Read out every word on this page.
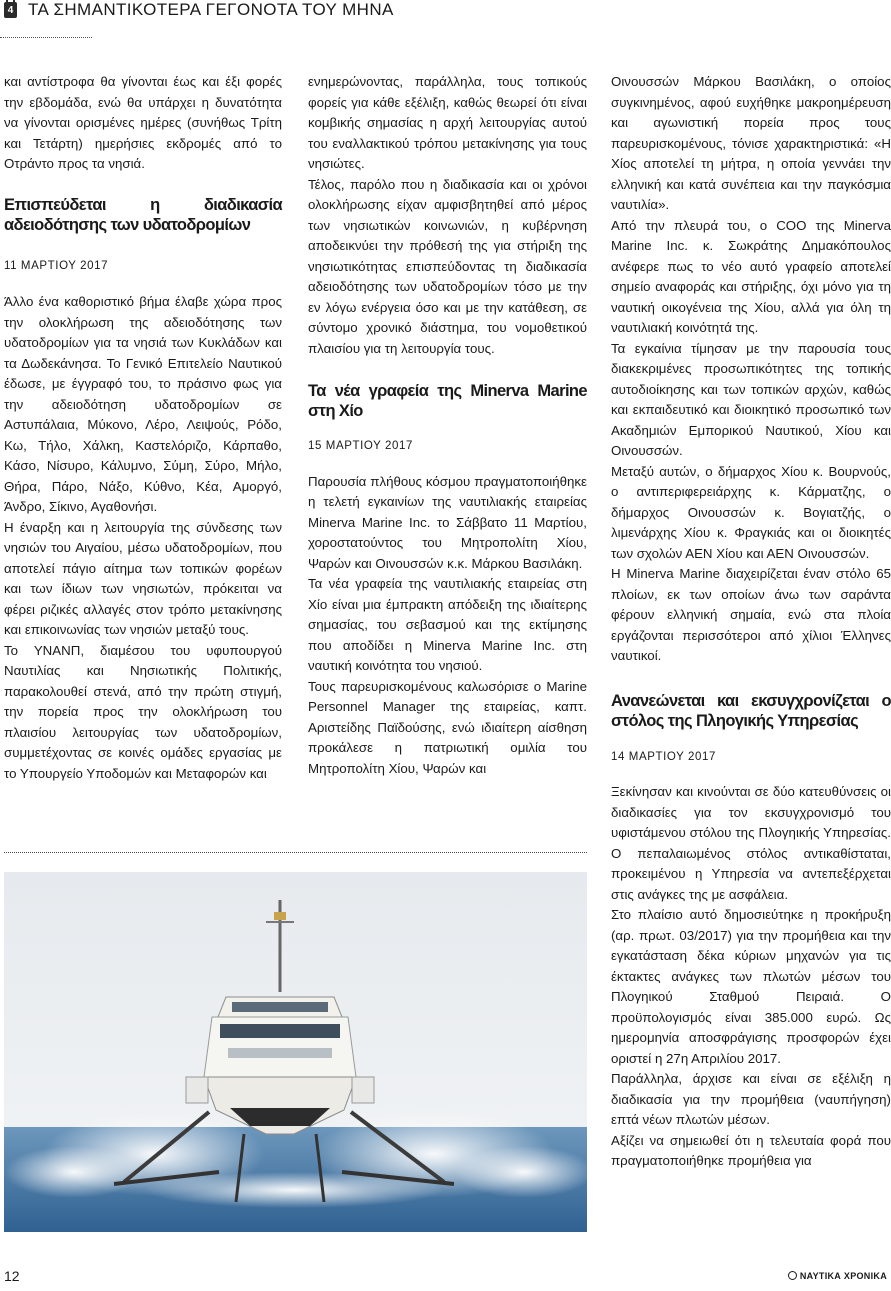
4 ΤΑ ΣΗΜΑΝΤΙΚΟΤΕΡΑ ΓΕΓΟΝΟΤΑ ΤΟΥ ΜΗΝΑ

και αντίστροφα θα γίνονται έως και έξι φορές την εβδομάδα, ενώ θα υπάρχει η δυνατότητα να γίνονται ορισμένες ημέρες (συνήθως Τρίτη και Τετάρτη) ημερήσιες εκδρομές από το Οτράντο προς τα νησιά.

Επισπεύδεται η διαδικασία αδειοδότησης των υδατοδρομίων

11 ΜΑΡΤΙΟΥ 2017

Άλλο ένα καθοριστικό βήμα έλαβε χώρα προς την ολοκλήρωση της αδειοδότησης των υδατοδρομίων για τα νησιά των Κυκλάδων και τα Δωδεκάνησα. Το Γενικό Επιτελείο Ναυτικού έδωσε, με έγγραφό του, το πράσινο φως για την αδειοδότηση υδατοδρομίων σε Αστυπάλαια, Μύκονο, Λέρο, Λειψούς, Ρόδο, Κω, Τήλο, Χάλκη, Καστελόριζο, Κάρπαθο, Κάσο, Νίσυρο, Κάλυμνο, Σύμη, Σύρο, Μήλο, Θήρα, Πάρο, Νάξο, Κύθνο, Κέα, Αμοργό, Άνδρο, Σίκινο, Αγαθονήσι.

Η έναρξη και η λειτουργία της σύνδεσης των νησιών του Αιγαίου, μέσω υδατοδρομίων, που αποτελεί πάγιο αίτημα των τοπικών φορέων και των ίδιων των νησιωτών, πρόκειται να φέρει ριζικές αλλαγές στον τρόπο μετακίνησης και επικοινωνίας των νησιών μεταξύ τους.

Το ΥΝΑΝΠ, διαμέσου του υφυπουργού Ναυτιλίας και Νησιωτικής Πολιτικής, παρακολουθεί στενά, από την πρώτη στιγμή, την πορεία προς την ολοκλήρωση του πλαισίου λειτουργίας των υδατοδρομίων, συμμετέχοντας σε κοινές ομάδες εργασίας με το Υπουργείο Υποδομών και Μεταφορών και

ενημερώνοντας, παράλληλα, τους τοπικούς φορείς για κάθε εξέλιξη, καθώς θεωρεί ότι είναι κομβικής σημασίας η αρχή λειτουργίας αυτού του εναλλακτικού τρόπου μετακίνησης για τους νησιώτες.

Τέλος, παρόλο που η διαδικασία και οι χρόνοι ολοκλήρωσης είχαν αμφισβητηθεί από μέρος των νησιωτικών κοινωνιών, η κυβέρνηση αποδεικνύει την πρόθεσή της για στήριξη της νησιωτικότητας επισπεύδοντας τη διαδικασία αδειοδότησης των υδατοδρομίων τόσο με την εν λόγω ενέργεια όσο και με την κατάθεση, σε σύντομο χρονικό διάστημα, του νομοθετικού πλαισίου για τη λειτουργία τους.

Τα νέα γραφεία της Minerva Marine στη Χίο

15 ΜΑΡΤΙΟΥ 2017

Παρουσία πλήθους κόσμου πραγματοποιήθηκε η τελετή εγκαινίων της ναυτιλιακής εταιρείας Minerva Marine Inc. το Σάββατο 11 Μαρτίου, χοροστατούντος του Μητροπολίτη Χίου, Ψαρών και Οινουσσών κ.κ. Μάρκου Βασιλάκη.

Τα νέα γραφεία της ναυτιλιακής εταιρείας στη Χίο είναι μια έμπρακτη απόδειξη της ιδιαίτερης σημασίας, του σεβασμού και της εκτίμησης που αποδίδει η Minerva Marine Inc. στη ναυτική κοινότητα του νησιού.

Τους παρευρισκομένους καλωσόρισε ο Marine Personnel Manager της εταιρείας, καπτ. Αριστείδης Παϊδούσης, ενώ ιδιαίτερη αίσθηση προκάλεσε η πατριωτική ομιλία του Μητροπολίτη Χίου, Ψαρών και

Οινουσσών Μάρκου Βασιλάκη, ο οποίος συγκινημένος, αφού ευχήθηκε μακροημέρευση και αγωνιστική πορεία προς τους παρευρισκομένους, τόνισε χαρακτηριστικά: «Η Χίος αποτελεί τη μήτρα, η οποία γεννάει την ελληνική και κατά συνέπεια και την παγκόσμια ναυτιλία».

Από την πλευρά του, ο COO της Minerva Marine Inc. κ. Σωκράτης Δημακόπουλος ανέφερε πως το νέο αυτό γραφείο αποτελεί σημείο αναφοράς και στήριξης, όχι μόνο για τη ναυτική οικογένεια της Χίου, αλλά για όλη τη ναυτιλιακή κοινότητά της.

Τα εγκαίνια τίμησαν με την παρουσία τους διακεκριμένες προσωπικότητες της τοπικής αυτοδιοίκησης και των τοπικών αρχών, καθώς και εκπαιδευτικό και διοικητικό προσωπικό των Ακαδημιών Εμπορικού Ναυτικού, Χίου και Οινουσσών.

Μεταξύ αυτών, ο δήμαρχος Χίου κ. Βουρνούς, ο αντιπεριφερειάρχης κ. Κάρματζης, ο δήμαρχος Οινουσσών κ. Βογιατζής, ο λιμενάρχης Χίου κ. Φραγκιάς και οι διοικητές των σχολών ΑΕΝ Χίου και ΑΕΝ Οινουσσών.

Η Minerva Marine διαχειρίζεται έναν στόλο 65 πλοίων, εκ των οποίων άνω των σαράντα φέρουν ελληνική σημαία, ενώ στα πλοία εργάζονται περισσότεροι από χίλιοι Έλληνες ναυτικοί.

Ανανεώνεται και εκσυγχρονίζεται ο στόλος της Πληογικής Υπηρεσίας

14 ΜΑΡΤΙΟΥ 2017

Ξεκίνησαν και κινούνται σε δύο κατευθύνσεις οι διαδικασίες για τον εκσυγχρονισμό του υφιστάμενου στόλου της Πλογηικής Υπηρεσίας. Ο πεπαλαιωμένος στόλος αντικαθίσταται, προκειμένου η Υπηρεσία να αντεπεξέρχεται στις ανάγκες της με ασφάλεια.

Στο πλαίσιο αυτό δημοσιεύτηκε η προκήρυξη (αρ. πρωτ. 03/2017) για την προμήθεια και την εγκατάσταση δέκα κύριων μηχανών για τις έκτακτες ανάγκες των πλωτών μέσων του Πλογηικού Σταθμού Πειραιά. Ο προϋπολογισμός είναι 385.000 ευρώ. Ως ημερομηνία αποσφράγισης προσφορών έχει οριστεί η 27η Απριλίου 2017.

Παράλληλα, άρχισε και είναι σε εξέλιξη η διαδικασία για την προμήθεια (ναυπήγηση) επτά νέων πλωτών μέσων.

Αξίζει να σημειωθεί ότι η τελευταία φορά που πραγματοποιήθηκε προμήθεια για

12	ΝΑΥΤΙΚΑ ΧΡΟΝΙΚΑ
